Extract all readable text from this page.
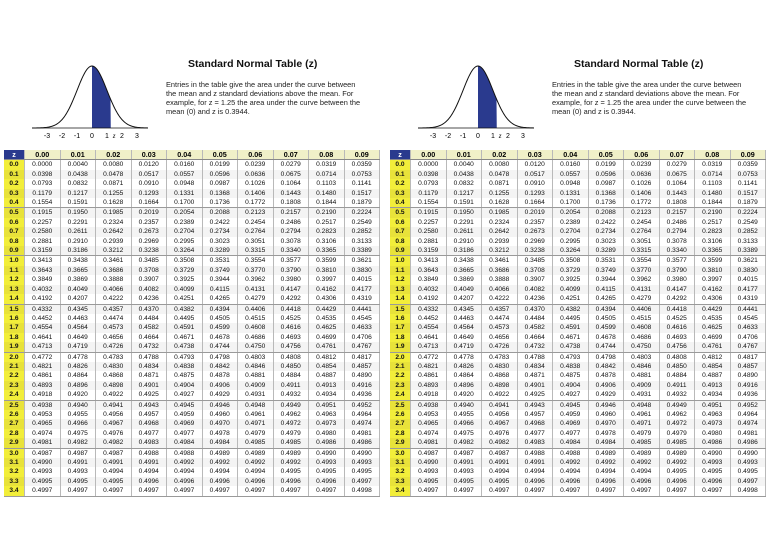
-3 -2 -1 0 1 2 3
z
Standard Normal Table (z)
Entries in the table give the area under the curve between the mean and z standard deviations above the mean. For example, for z = 1.25 the area under the curve between the mean (0) and z is 0.3944.
z	0.00	0.01	0.02	0.03	0.04	0.05	0.06	0.07	0.08	0.09
0.0	0.0000	0.0040	0.0080	0.0120	0.0160	0.0199	0.0239	0.0279	0.0319	0.0359
0.1	0.0398	0.0438	0.0478	0.0517	0.0557	0.0596	0.0636	0.0675	0.0714	0.0753
0.2	0.0793	0.0832	0.0871	0.0910	0.0948	0.0987	0.1026	0.1064	0.1103	0.1141
0.3	0.1179	0.1217	0.1255	0.1293	0.1331	0.1368	0.1406	0.1443	0.1480	0.1517
0.4	0.1554	0.1591	0.1628	0.1664	0.1700	0.1736	0.1772	0.1808	0.1844	0.1879
0.5	0.1915	0.1950	0.1985	0.2019	0.2054	0.2088	0.2123	0.2157	0.2190	0.2224
0.6	0.2257	0.2291	0.2324	0.2357	0.2389	0.2422	0.2454	0.2486	0.2517	0.2549
0.7	0.2580	0.2611	0.2642	0.2673	0.2704	0.2734	0.2764	0.2794	0.2823	0.2852
0.8	0.2881	0.2910	0.2939	0.2969	0.2995	0.3023	0.3051	0.3078	0.3106	0.3133
0.9	0.3159	0.3186	0.3212	0.3238	0.3264	0.3289	0.3315	0.3340	0.3365	0.3389
1.0	0.3413	0.3438	0.3461	0.3485	0.3508	0.3531	0.3554	0.3577	0.3599	0.3621
1.1	0.3643	0.3665	0.3686	0.3708	0.3729	0.3749	0.3770	0.3790	0.3810	0.3830
1.2	0.3849	0.3869	0.3888	0.3907	0.3925	0.3944	0.3962	0.3980	0.3997	0.4015
1.3	0.4032	0.4049	0.4066	0.4082	0.4099	0.4115	0.4131	0.4147	0.4162	0.4177
1.4	0.4192	0.4207	0.4222	0.4236	0.4251	0.4265	0.4279	0.4292	0.4306	0.4319
1.5	0.4332	0.4345	0.4357	0.4370	0.4382	0.4394	0.4406	0.4418	0.4429	0.4441
1.6	0.4452	0.4463	0.4474	0.4484	0.4495	0.4505	0.4515	0.4525	0.4535	0.4545
1.7	0.4554	0.4564	0.4573	0.4582	0.4591	0.4599	0.4608	0.4616	0.4625	0.4633
1.8	0.4641	0.4649	0.4656	0.4664	0.4671	0.4678	0.4686	0.4693	0.4699	0.4706
1.9	0.4713	0.4719	0.4726	0.4732	0.4738	0.4744	0.4750	0.4756	0.4761	0.4767
2.0	0.4772	0.4778	0.4783	0.4788	0.4793	0.4798	0.4803	0.4808	0.4812	0.4817
2.1	0.4821	0.4826	0.4830	0.4834	0.4838	0.4842	0.4846	0.4850	0.4854	0.4857
2.2	0.4861	0.4864	0.4868	0.4871	0.4875	0.4878	0.4881	0.4884	0.4887	0.4890
2.3	0.4893	0.4896	0.4898	0.4901	0.4904	0.4906	0.4909	0.4911	0.4913	0.4916
2.4	0.4918	0.4920	0.4922	0.4925	0.4927	0.4929	0.4931	0.4932	0.4934	0.4936
2.5	0.4938	0.4940	0.4941	0.4943	0.4945	0.4946	0.4948	0.4949	0.4951	0.4952
2.6	0.4953	0.4955	0.4956	0.4957	0.4959	0.4960	0.4961	0.4962	0.4963	0.4964
2.7	0.4965	0.4966	0.4967	0.4968	0.4969	0.4970	0.4971	0.4972	0.4973	0.4974
2.8	0.4974	0.4975	0.4976	0.4977	0.4977	0.4978	0.4979	0.4979	0.4980	0.4981
2.9	0.4981	0.4982	0.4982	0.4983	0.4984	0.4984	0.4985	0.4985	0.4986	0.4986
3.0	0.4987	0.4987	0.4987	0.4988	0.4988	0.4989	0.4989	0.4989	0.4990	0.4990
3.1	0.4990	0.4991	0.4991	0.4991	0.4992	0.4992	0.4992	0.4992	0.4993	0.4993
3.2	0.4993	0.4993	0.4994	0.4994	0.4994	0.4994	0.4994	0.4995	0.4995	0.4995
3.3	0.4995	0.4995	0.4995	0.4996	0.4996	0.4996	0.4996	0.4996	0.4996	0.4997
3.4	0.4997	0.4997	0.4997	0.4997	0.4997	0.4997	0.4997	0.4997	0.4997	0.4998
-3 -2 -1 0 1 2 3
z
Standard Normal Table (z)
Entries in the table give the area under the curve between the mean and z standard deviations above the mean. For example, for z = 1.25 the area under the curve between the mean (0) and z is 0.3944.
z	0.00	0.01	0.02	0.03	0.04	0.05	0.06	0.07	0.08	0.09
0.0	0.0000	0.0040	0.0080	0.0120	0.0160	0.0199	0.0239	0.0279	0.0319	0.0359
0.1	0.0398	0.0438	0.0478	0.0517	0.0557	0.0596	0.0636	0.0675	0.0714	0.0753
0.2	0.0793	0.0832	0.0871	0.0910	0.0948	0.0987	0.1026	0.1064	0.1103	0.1141
0.3	0.1179	0.1217	0.1255	0.1293	0.1331	0.1368	0.1406	0.1443	0.1480	0.1517
0.4	0.1554	0.1591	0.1628	0.1664	0.1700	0.1736	0.1772	0.1808	0.1844	0.1879
0.5	0.1915	0.1950	0.1985	0.2019	0.2054	0.2088	0.2123	0.2157	0.2190	0.2224
0.6	0.2257	0.2291	0.2324	0.2357	0.2389	0.2422	0.2454	0.2486	0.2517	0.2549
0.7	0.2580	0.2611	0.2642	0.2673	0.2704	0.2734	0.2764	0.2794	0.2823	0.2852
0.8	0.2881	0.2910	0.2939	0.2969	0.2995	0.3023	0.3051	0.3078	0.3106	0.3133
0.9	0.3159	0.3186	0.3212	0.3238	0.3264	0.3289	0.3315	0.3340	0.3365	0.3389
1.0	0.3413	0.3438	0.3461	0.3485	0.3508	0.3531	0.3554	0.3577	0.3599	0.3621
1.1	0.3643	0.3665	0.3686	0.3708	0.3729	0.3749	0.3770	0.3790	0.3810	0.3830
1.2	0.3849	0.3869	0.3888	0.3907	0.3925	0.3944	0.3962	0.3980	0.3997	0.4015
1.3	0.4032	0.4049	0.4066	0.4082	0.4099	0.4115	0.4131	0.4147	0.4162	0.4177
1.4	0.4192	0.4207	0.4222	0.4236	0.4251	0.4265	0.4279	0.4292	0.4306	0.4319
1.5	0.4332	0.4345	0.4357	0.4370	0.4382	0.4394	0.4406	0.4418	0.4429	0.4441
1.6	0.4452	0.4463	0.4474	0.4484	0.4495	0.4505	0.4515	0.4525	0.4535	0.4545
1.7	0.4554	0.4564	0.4573	0.4582	0.4591	0.4599	0.4608	0.4616	0.4625	0.4633
1.8	0.4641	0.4649	0.4656	0.4664	0.4671	0.4678	0.4686	0.4693	0.4699	0.4706
1.9	0.4713	0.4719	0.4726	0.4732	0.4738	0.4744	0.4750	0.4756	0.4761	0.4767
2.0	0.4772	0.4778	0.4783	0.4788	0.4793	0.4798	0.4803	0.4808	0.4812	0.4817
2.1	0.4821	0.4826	0.4830	0.4834	0.4838	0.4842	0.4846	0.4850	0.4854	0.4857
2.2	0.4861	0.4864	0.4868	0.4871	0.4875	0.4878	0.4881	0.4884	0.4887	0.4890
2.3	0.4893	0.4896	0.4898	0.4901	0.4904	0.4906	0.4909	0.4911	0.4913	0.4916
2.4	0.4918	0.4920	0.4922	0.4925	0.4927	0.4929	0.4931	0.4932	0.4934	0.4936
2.5	0.4938	0.4940	0.4941	0.4943	0.4945	0.4946	0.4948	0.4949	0.4951	0.4952
2.6	0.4953	0.4955	0.4956	0.4957	0.4959	0.4960	0.4961	0.4962	0.4963	0.4964
2.7	0.4965	0.4966	0.4967	0.4968	0.4969	0.4970	0.4971	0.4972	0.4973	0.4974
2.8	0.4974	0.4975	0.4976	0.4977	0.4977	0.4978	0.4979	0.4979	0.4980	0.4981
2.9	0.4981	0.4982	0.4982	0.4983	0.4984	0.4984	0.4985	0.4985	0.4986	0.4986
3.0	0.4987	0.4987	0.4987	0.4988	0.4988	0.4989	0.4989	0.4989	0.4990	0.4990
3.1	0.4990	0.4991	0.4991	0.4991	0.4992	0.4992	0.4992	0.4992	0.4993	0.4993
3.2	0.4993	0.4993	0.4994	0.4994	0.4994	0.4994	0.4994	0.4995	0.4995	0.4995
3.3	0.4995	0.4995	0.4995	0.4996	0.4996	0.4996	0.4996	0.4996	0.4996	0.4997
3.4	0.4997	0.4997	0.4997	0.4997	0.4997	0.4997	0.4997	0.4997	0.4997	0.4998
